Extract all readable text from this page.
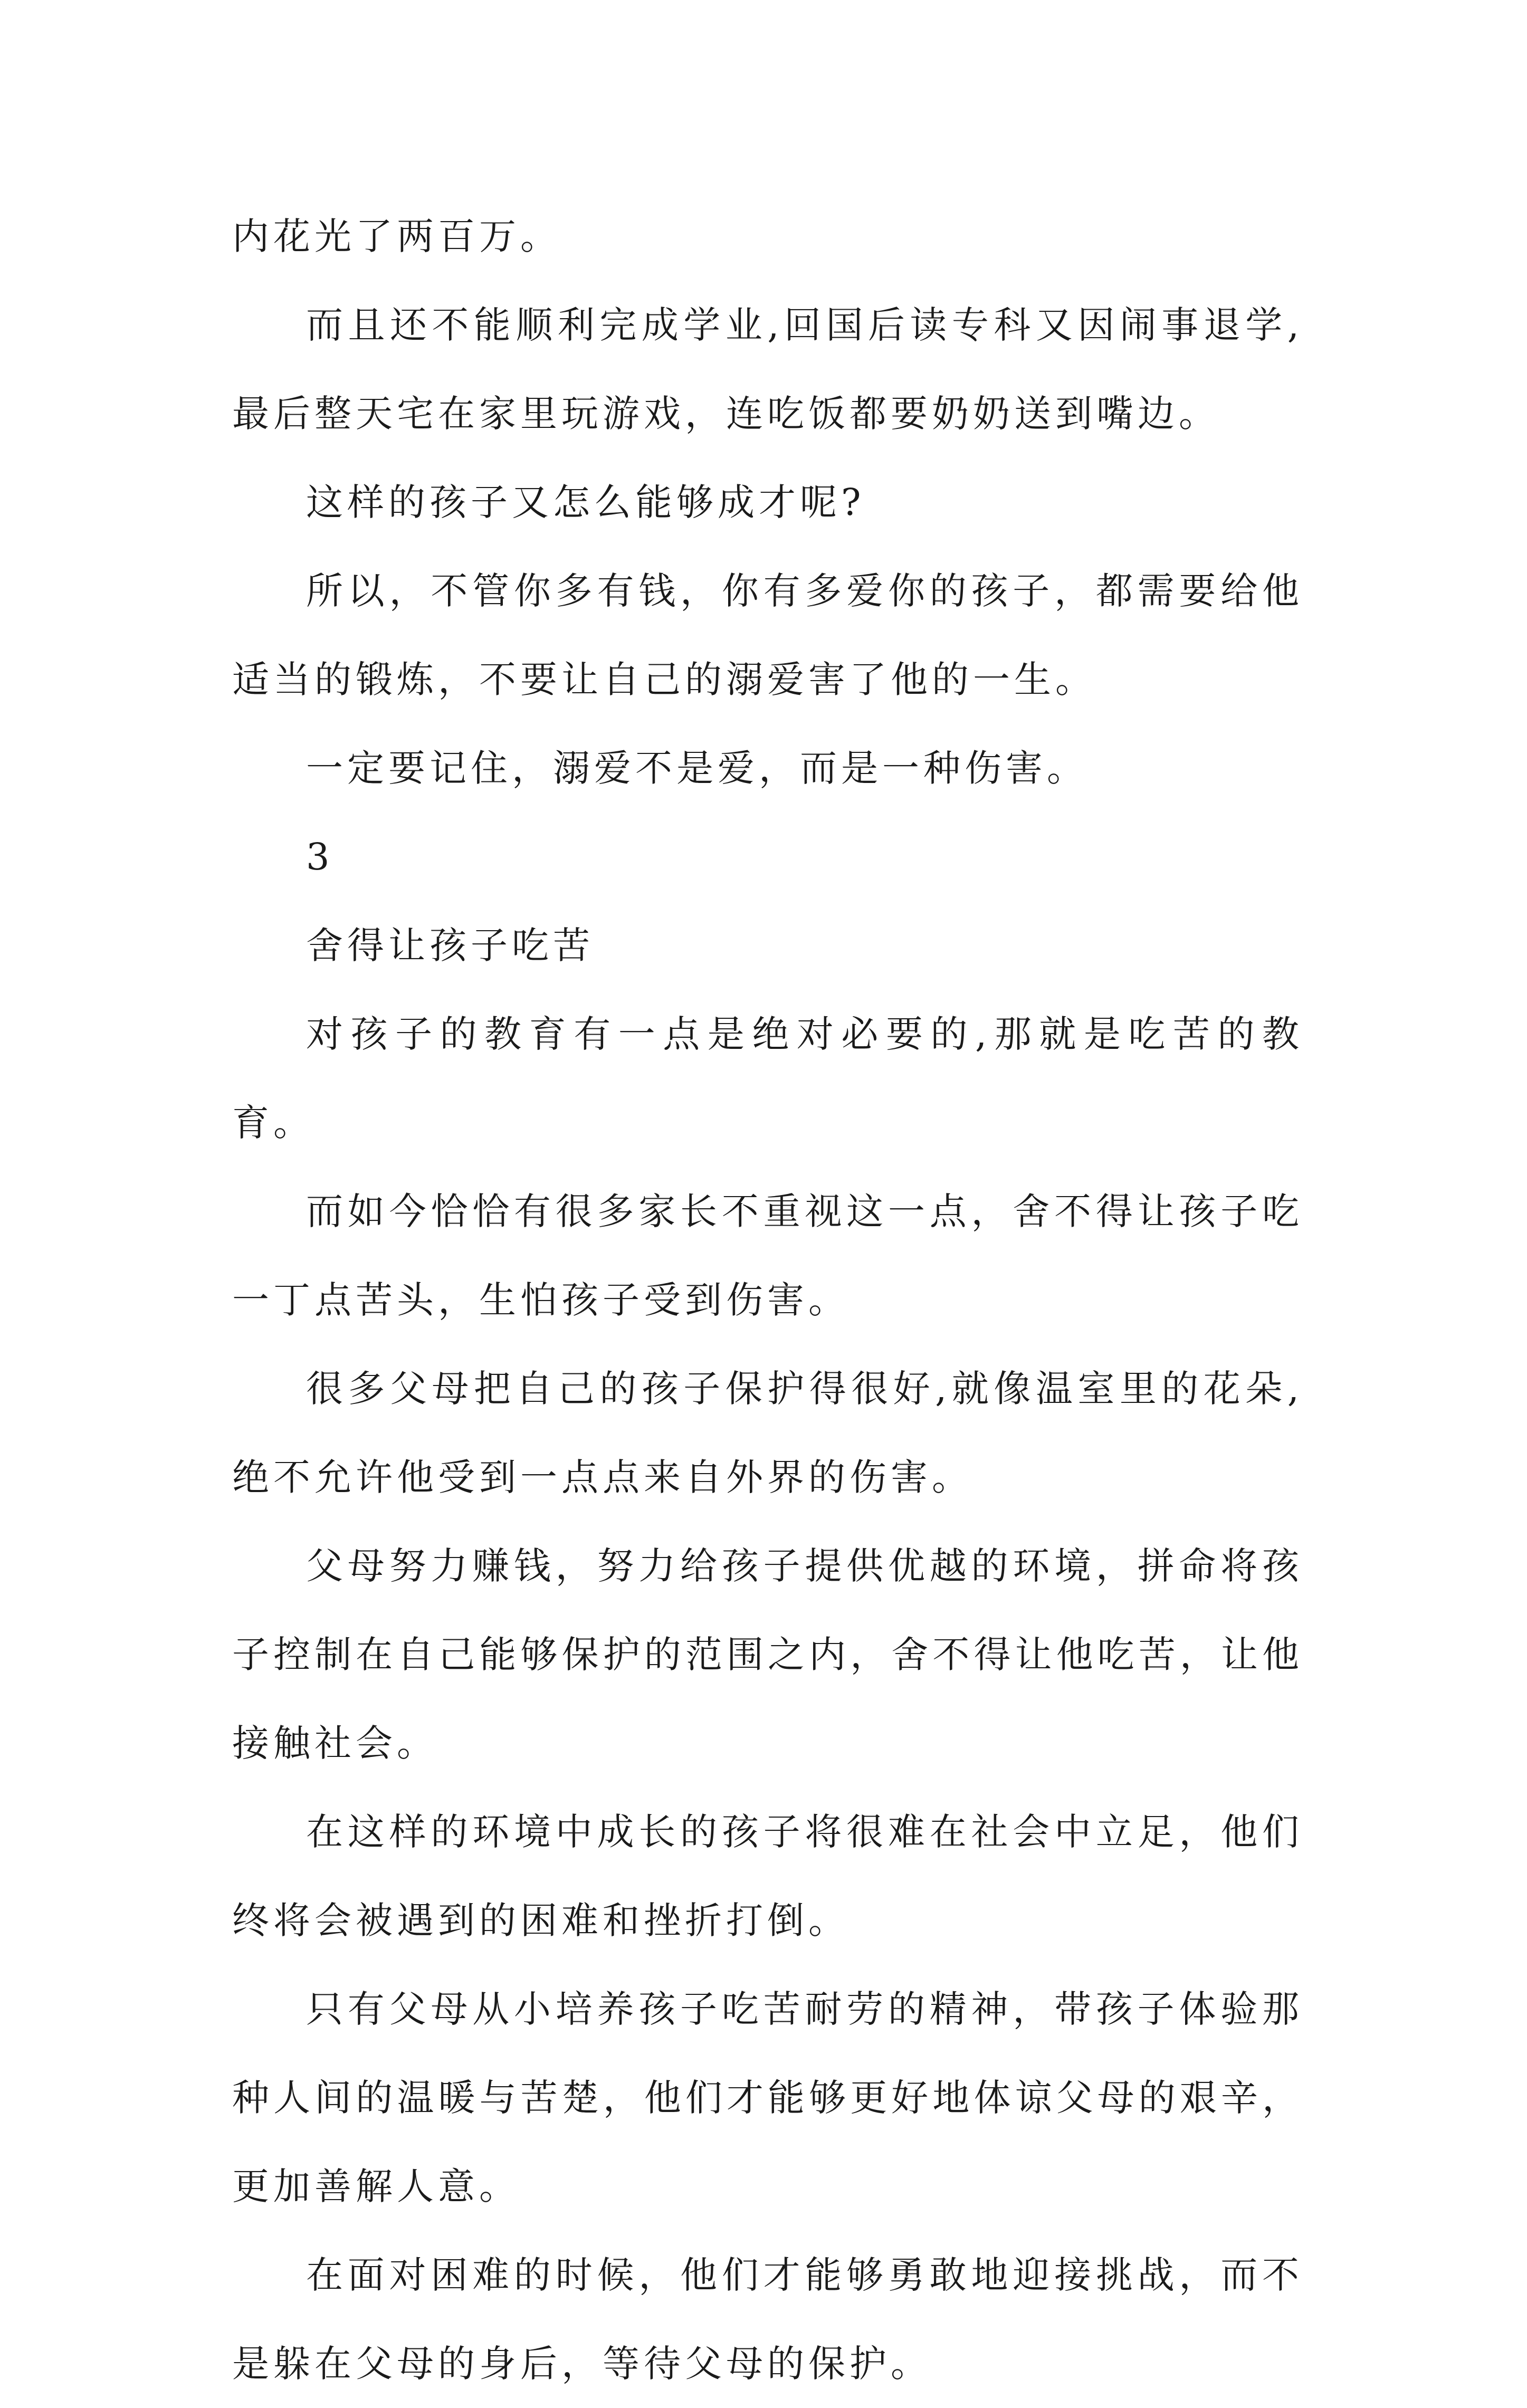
内花光了两百万。

而且还不能顺利完成学业,回国后读专科又因闹事退学,最后整天宅在家里玩游戏，连吃饭都要奶奶送到嘴边。

这样的孩子又怎么能够成才呢?

所以，不管你多有钱，你有多爱你的孩子，都需要给他适当的锻炼，不要让自己的溺爱害了他的一生。

一定要记住，溺爱不是爱，而是一种伤害。

3

舍得让孩子吃苦

对孩子的教育有一点是绝对必要的,那就是吃苦的教育。

而如今恰恰有很多家长不重视这一点，舍不得让孩子吃一丁点苦头，生怕孩子受到伤害。

很多父母把自己的孩子保护得很好,就像温室里的花朵,绝不允许他受到一点点来自外界的伤害。

父母努力赚钱，努力给孩子提供优越的环境，拼命将孩子控制在自己能够保护的范围之内，舍不得让他吃苦，让他接触社会。

在这样的环境中成长的孩子将很难在社会中立足，他们终将会被遇到的困难和挫折打倒。

只有父母从小培养孩子吃苦耐劳的精神，带孩子体验那种人间的温暖与苦楚，他们才能够更好地体谅父母的艰辛，更加善解人意。

在面对困难的时候，他们才能够勇敢地迎接挑战，而不是躲在父母的身后，等待父母的保护。
